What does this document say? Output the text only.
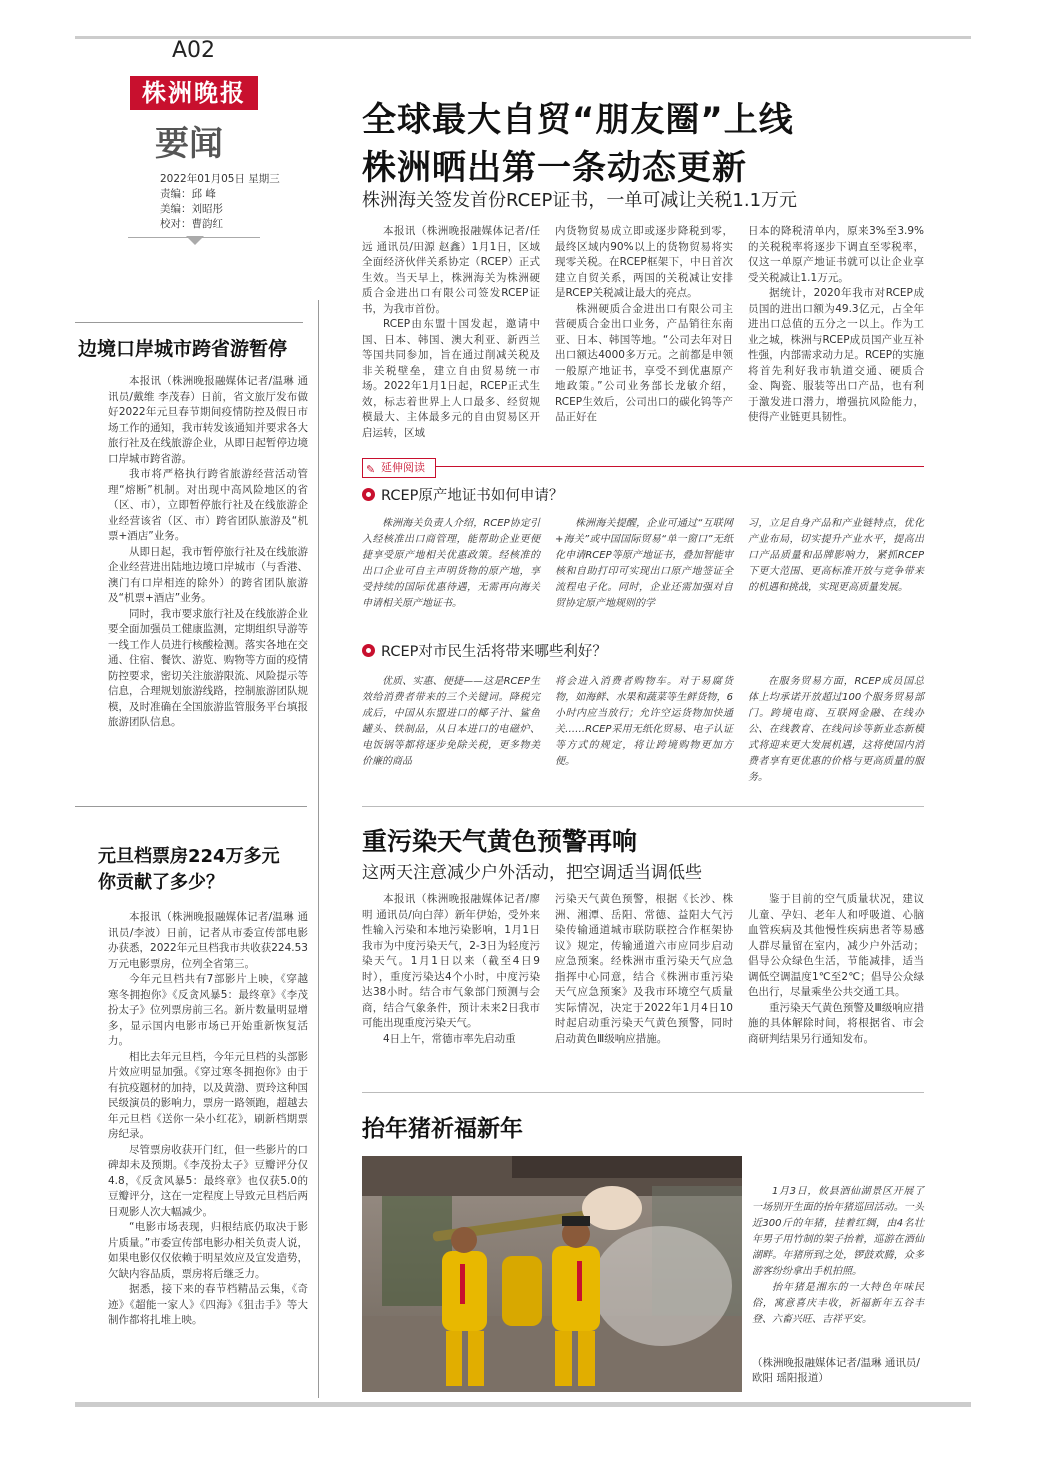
A02
株洲晚报
要闻
2022年01月05日 星期三
责编：邱 峰
美编：刘昭彤
校对：曹韵红
全球最大自贸“朋友圈”上线
株洲晒出第一条动态更新
株洲海关签发首份RCEP证书，一单可减让关税1.1万元

本报讯（株洲晚报融媒体记者/任远 通讯员/田源 赵鑫）1月1日，区域全面经济伙伴关系协定（RCEP）正式生效。当天早上，株洲海关为株洲硬质合金进出口有限公司签发RCEP证书，为我市首份。

RCEP由东盟十国发起，邀请中国、日本、韩国、澳大利亚、新西兰等国共同参加，旨在通过削减关税及非关税壁垒，建立自由贸易统一市场。2022年1月1日起，RCEP正式生效，标志着世界上人口最多、经贸规模最大、主体最多元的自由贸易区开启运转，区域

内货物贸易成立即或逐步降税到零，最终区域内90%以上的货物贸易将实现零关税。在RCEP框架下，中日首次建立自贸关系，两国的关税减让安排是RCEP关税减让最大的亮点。

株洲硬质合金进出口有限公司主营硬质合金出口业务，产品销往东南亚、日本、韩国等地。“公司去年对日出口额达4000多万元。之前都是申领一般原产地证书，享受不到优惠原产地政策。”公司业务部长龙敏介绍，RCEP生效后，公司出口的碳化钨等产品正好在

日本的降税清单内，原来3%至3.9%的关税税率将逐步下调直至零税率，仅这一单原产地证书就可以让企业享受关税减让1.1万元。

据统计，2020年我市对RCEP成员国的进出口额为49.3亿元，占全年进出口总值的五分之一以上。作为工业之城，株洲与RCEP成员国产业互补性强，内部需求动力足。RCEP的实施将首先利好我市轨道交通、硬质合金、陶瓷、服装等出口产品，也有利于激发进口潜力，增强抗风险能力，使得产业链更具韧性。

✎ 延伸阅读
RCEP原产地证书如何申请？
株洲海关负责人介绍，RCEP协定引入经核准出口商管理，能帮助企业更便捷享受原产地相关优惠政策。经核准的出口企业可自主声明货物的原产地，享受持续的国际优惠待遇，无需再向海关申请相关原产地证书。
株洲海关提醒，企业可通过“互联网+海关”或中国国际贸易“单一窗口”无纸化申请RCEP等原产地证书，叠加智能审核和自助打印可实现出口原产地签证全流程电子化。同时，企业还需加强对自贸协定原产地规则的学
习，立足自身产品和产业链特点，优化产业布局，切实提升产业水平，提高出口产品质量和品牌影响力，紧抓RCEP下更大范围、更高标准开放与竞争带来的机遇和挑战，实现更高质量发展。
RCEP对市民生活将带来哪些利好？
优质、实惠、便捷——这是RCEP生效给消费者带来的三个关键词。降税完成后，中国从东盟进口的椰子汁、鲨鱼罐头、铁制品，从日本进口的电磁炉、电饭锅等都将逐步免除关税，更多物美价廉的商品
将会进入消费者购物车。对于易腐货物，如海鲜、水果和蔬菜等生鲜货物，6小时内应当放行；允许空运货物加快通关……RCEP采用无纸化贸易、电子认证等方式的规定，将让跨境购物更加方便。
在服务贸易方面，RCEP成员国总体上均承诺开放超过100个服务贸易部门。跨境电商、互联网金融、在线办公、在线教育、在线问诊等新业态新模式将迎来更大发展机遇，这将使国内消费者享有更优惠的价格与更高质量的服务。
重污染天气黄色预警再响
这两天注意减少户外活动，把空调适当调低些

本报讯（株洲晚报融媒体记者/廖明 通讯员/向白萍）新年伊始，受外来性输入污染和本地污染影响，1月1日我市为中度污染天气，2-3日为轻度污染天气。1月1日以来（截至4日9时），重度污染达4个小时，中度污染达38小时。结合市气象部门预测与会商，结合气象条件，预计未来2日我市可能出现重度污染天气。

4日上午，常德市率先启动重

污染天气黄色预警，根据《长沙、株洲、湘潭、岳阳、常德、益阳大气污染传输通道城市联防联控合作框架协议》规定，传输通道六市应同步启动应急预案。经株洲市重污染天气应急指挥中心同意，结合《株洲市重污染天气应急预案》及我市环境空气质量实际情况，决定于2022年1月4日10时起启动重污染天气黄色预警，同时启动黄色Ⅲ级响应措施。

鉴于目前的空气质量状况，建议儿童、孕妇、老年人和呼吸道、心脑血管疾病及其他慢性疾病患者等易感人群尽量留在室内，减少户外活动；倡导公众绿色生活，节能减排，适当调低空调温度1℃至2℃；倡导公众绿色出行，尽量乘坐公共交通工具。

重污染天气黄色预警及Ⅲ级响应措施的具体解除时间，将根据省、市会商研判结果另行通知发布。

抬年猪祈福新年

1月3日，攸县酒仙湖景区开展了一场别开生面的抬年猪巡回活动。一头近300斤的年猪，挂着红绸，由4名壮年男子用竹制的架子抬着，巡游在酒仙湖畔。年猪所到之处，锣鼓欢腾，众多游客纷纷拿出手机拍照。

抬年猪是湘东的一大特色年味民俗，寓意喜庆丰收，祈福新年五谷丰登、六畜兴旺、吉祥平安。

（株洲晚报融媒体记者/温琳 通讯员/欧阳 瑶阳报道）
边境口岸城市跨省游暂停

本报讯（株洲晚报融媒体记者/温琳 通讯员/戴维 李茂春）日前，省文旅厅发布做好2022年元旦春节期间疫情防控及假日市场工作的通知，我市转发该通知并要求各大旅行社及在线旅游企业，从即日起暂停边境口岸城市跨省游。

我市将严格执行跨省旅游经营活动管理“熔断”机制。对出现中高风险地区的省（区、市），立即暂停旅行社及在线旅游企业经营该省（区、市）跨省团队旅游及“机票+酒店”业务。

从即日起，我市暂停旅行社及在线旅游企业经营进出陆地边境口岸城市（与香港、澳门有口岸相连的除外）的跨省团队旅游及“机票+酒店”业务。

同时，我市要求旅行社及在线旅游企业要全面加强员工健康监测，定期组织导游等一线工作人员进行核酸检测。落实各地在交通、住宿、餐饮、游览、购物等方面的疫情防控要求，密切关注旅游限流、风险提示等信息，合理规划旅游线路，控制旅游团队规模，及时准确在全国旅游监管服务平台填报旅游团队信息。

元旦档票房224万多元
你贡献了多少？

本报讯（株洲晚报融媒体记者/温琳 通讯员/李波）日前，记者从市委宣传部电影办获悉，2022年元旦档我市共收获224.53万元电影票房，位列全省第三。

今年元旦档共有7部影片上映，《穿越寒冬拥抱你》《反贪风暴5：最终章》《李茂扮太子》位列票房前三名。新片数量明显增多，显示国内电影市场已开始重新恢复活力。

相比去年元旦档，今年元旦档的头部影片效应明显加强。《穿过寒冬拥抱你》由于有抗疫题材的加持，以及黄渤、贾玲这种国民级演员的影响力，票房一路领跑，超越去年元旦档《送你一朵小红花》，刷新档期票房纪录。

尽管票房收获开门红，但一些影片的口碑却未及预期。《李茂扮太子》豆瓣评分仅4.8，《反贪风暴5：最终章》也仅获5.0的豆瓣评分，这在一定程度上导致元旦档后两日观影人次大幅减少。

“电影市场表现，归根结底仍取决于影片质量。”市委宣传部电影办相关负责人说，如果电影仅仅依赖于明星效应及宣发造势，欠缺内容品质，票房将后继乏力。

据悉，接下来的春节档精品云集，《奇迹》《超能一家人》《四海》《狙击手》等大制作都将扎堆上映。
